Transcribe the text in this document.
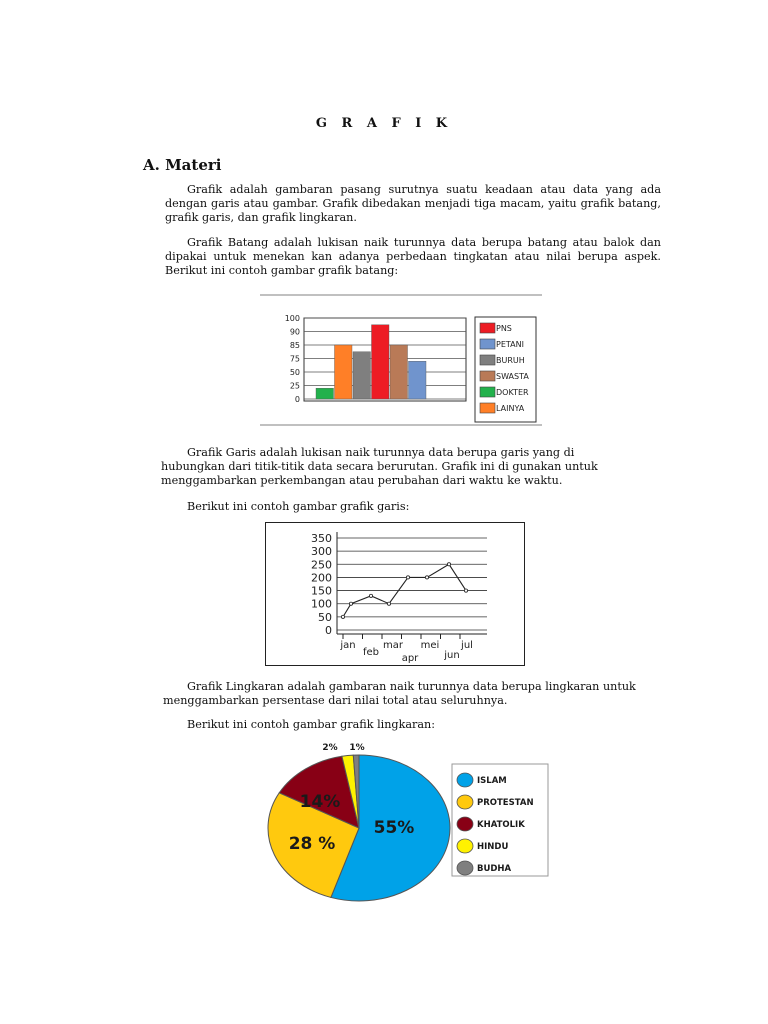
G R A F I K
A. Materi

Grafik adalah gambaran pasang surutnya suatu keadaan atau data yang ada dengan garis atau gambar. Grafik dibedakan menjadi tiga macam, yaitu grafik batang, grafik garis, dan grafik lingkaran.

Grafik Batang adalah lukisan naik turunnya data berupa batang atau balok dan dipakai untuk menekan kan adanya perbedaan tingkatan atau nilai berupa aspek. Berikut ini contoh gambar grafik batang:

100
90
85
75
50
25
0
PNS
PETANI
BURUH
SWASTA
DOKTER
LAINYA
Grafik Garis adalah lukisan naik turunnya data berupa garis yang di
hubungkan dari titik-titik data secara berurutan. Grafik ini di gunakan untuk
menggambarkan perkembangan atau perubahan dari waktu ke waktu.
Berikut ini contoh gambar grafik garis:
350
300
250
200
150
100
50
0
jan
feb
mar
apr
mei
jun
jul
Grafik Lingkaran adalah gambaran naik turunnya data berupa lingkaran untuk
menggambarkan persentase dari nilai total atau seluruhnya.
Berikut ini contoh gambar grafik lingkaran:
55%
28 %
14%
2% 1%
ISLAM
PROTESTAN
KHATOLIK
HINDU
BUDHA
